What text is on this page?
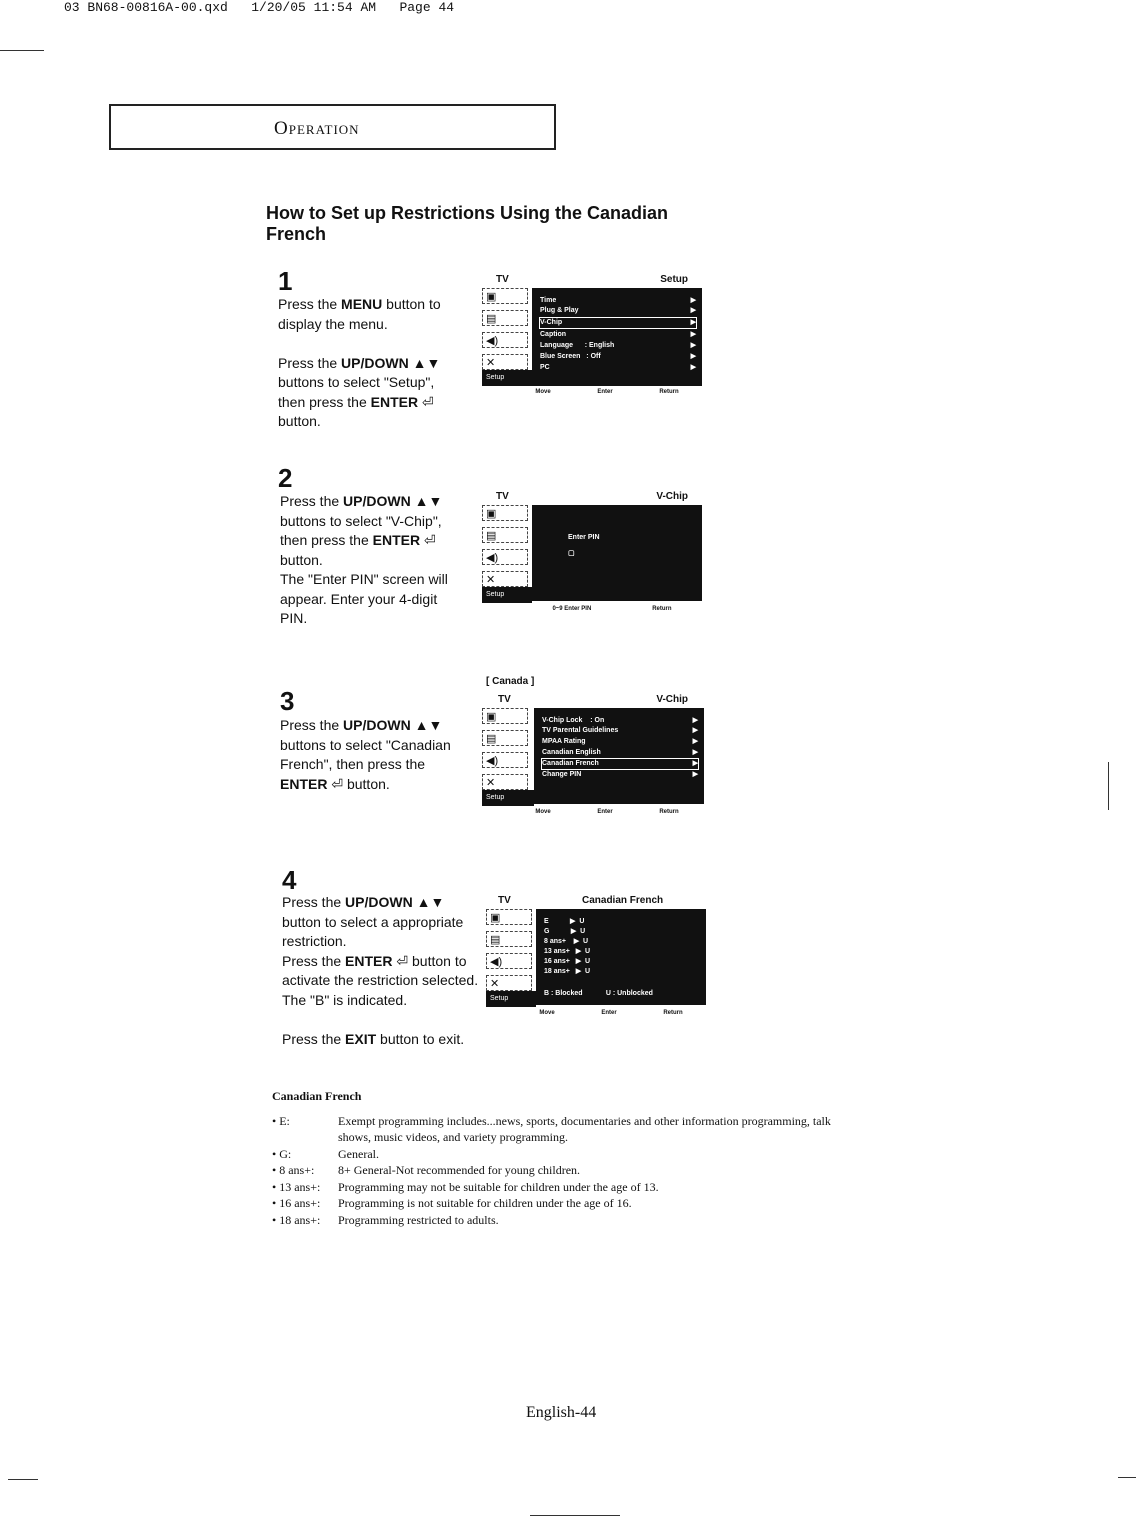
03 BN68-00816A-00.qxd   1/20/05 11:54 AM   Page 44
Operation
How to Set up Restrictions Using the Canadian French
1
Press the MENU button to display the menu.

Press the UP/DOWN ▲▼ buttons to select "Setup", then press the ENTER ⏎ button.
TV	Setup
▣
▤
◀)
✕
Setup
Time
Plug & Play
V-Chip
Caption
Language      : English
Blue Screen   : Off
PC
▶
▶
▶
▶
▶
▶
▶
Move	Enter	Return
2
Press the UP/DOWN ▲▼ buttons to select "V-Chip", then press the ENTER ⏎ button.
The "Enter PIN" screen will appear. Enter your 4-digit PIN.
TV	V-Chip
▣
▤
◀)
✕
Setup
Enter PIN
▢
0~9 Enter PIN	Return
3
Press the UP/DOWN ▲▼ buttons to select "Canadian French", then press the ENTER ⏎ button.
[ Canada ]
TV	V-Chip
▣
▤
◀)
✕
Setup
V-Chip Lock    : On
TV Parental Guidelines
MPAA Rating
Canadian English
Canadian French
Change PIN
▶
▶
▶
▶
▶
▶
Move	Enter	Return
4
Press the UP/DOWN ▲▼ button to select a appropriate restriction.
Press the ENTER ⏎ button to activate the restriction selected. The "B" is indicated.

Press the EXIT button to exit.
TV	Canadian French
▣
▤
◀)
✕
Setup
E           ▶  U
G           ▶  U
8 ans+    ▶  U
13 ans+   ▶  U
16 ans+   ▶  U
18 ans+   ▶  U
B : Blocked            U : Unblocked
Move	Enter	Return
Canadian French
• E:	Exempt programming includes...news, sports, documentaries and other information programming, talk shows, music videos, and variety programming.
• G:	General.
• 8 ans+:	8+ General-Not recommended for young children.
• 13 ans+:	Programming may not be suitable for children under the age of 13.
• 16 ans+:	Programming is not suitable for children under the age of 16.
• 18 ans+:	Programming restricted to adults.
English-44
